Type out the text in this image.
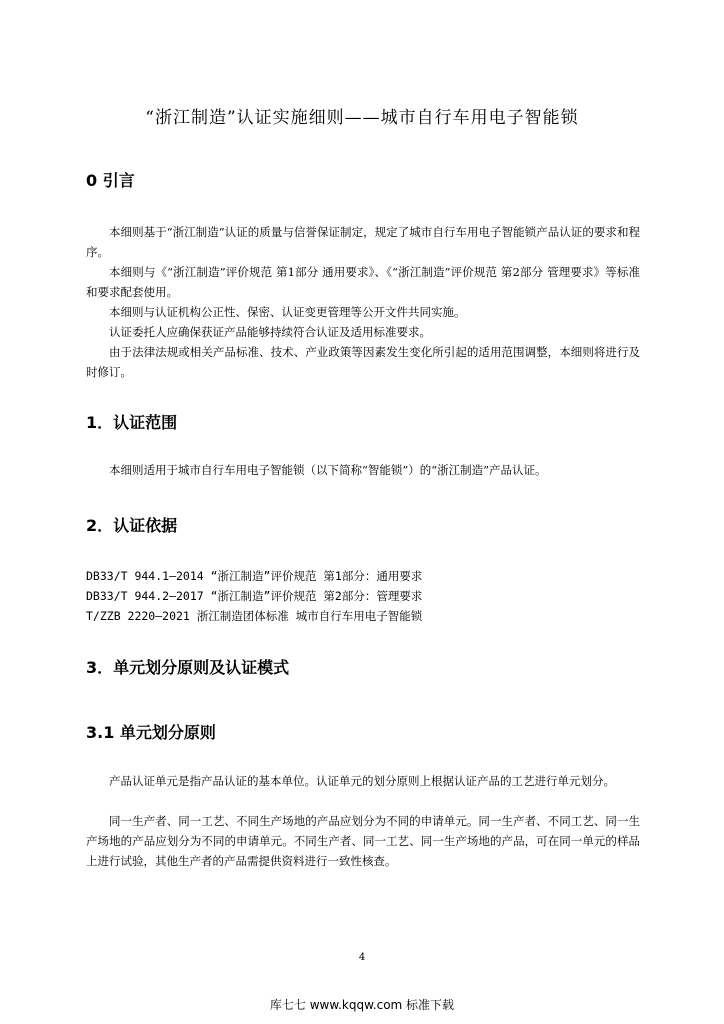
“浙江制造”认证实施细则——城市自行车用电子智能锁
0 引言

本细则基于“浙江制造”认证的质量与信誉保证制定，规定了城市自行车用电子智能锁产品认证的要求和程序。

本细则与《“浙江制造”评价规范 第1部分 通用要求》、《“浙江制造”评价规范 第2部分 管理要求》等标准和要求配套使用。

本细则与认证机构公正性、保密、认证变更管理等公开文件共同实施。

认证委托人应确保获证产品能够持续符合认证及适用标准要求。

由于法律法规或相关产品标准、技术、产业政策等因素发生变化所引起的适用范围调整，本细则将进行及时修订。

1．认证范围

本细则适用于城市自行车用电子智能锁（以下简称“智能锁”）的“浙江制造”产品认证。

2．认证依据
DB33/T 944.1—2014 “浙江制造”评价规范 第1部分：通用要求
DB33/T 944.2—2017 “浙江制造”评价规范 第2部分：管理要求
T/ZZB 2220—2021 浙江制造团体标准 城市自行车用电子智能锁
3．单元划分原则及认证模式
3.1 单元划分原则

产品认证单元是指产品认证的基本单位。认证单元的划分原则上根据认证产品的工艺进行单元划分。

同一生产者、同一工艺、不同生产场地的产品应划分为不同的申请单元。同一生产者、不同工艺、同一生产场地的产品应划分为不同的申请单元。不同生产者、同一工艺、同一生产场地的产品，可在同一单元的样品上进行试验，其他生产者的产品需提供资料进行一致性核查。

4
库七七 www.kqqw.com 标准下载
